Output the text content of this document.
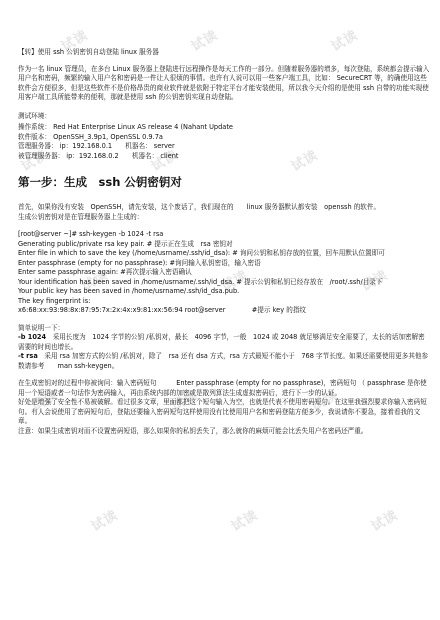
试读	试读	试读
试读	试读	试读
试读	试读	试读
试读	试读	试读
试读	试读	试读

【转】使用 ssh 公钥密钥自动登陆 linux 服务器

作为一名 linux 管理员，在多台 Linux 服务器上登陆进行远程操作是每天工作的一部分。但随着服务器的增多，每次登陆，系统都会提示输入用户名和密码，频繁的输入用户名和密码是一件让人很烦的事情。也许有人说可以用一些客户端工具，比如： SecureCRT 等，的确使用这些软件会方便很多，但是这些软件不是价格昂贵的商业软件就是依附于特定平台才能安装使用，所以我今天介绍的是使用 ssh 自带的功能实现使用客户端工具所能带来的便利，那就是使用 ssh 的公钥密钥实现自动登陆。

测试环境：

操作系统： Red Hat Enterprise Linux AS release 4 (Nahant Update

软件版本： OpenSSH_3.9p1, OpenSSL 0.9.7a

管理服务器： ip：192.168.0.1　　机器名： server

被管理服务器： ip：192.168.0.2　　机器名： client

第一步：生成　ssh 公钥密钥对

首先，如果你没有安装　OpenSSH，请先安装，这个废话了，我们现在的　　linux 服务器默认都安装　openssh 的软件。

生成公钥密钥对是在管理服务器上生成的：

[root@server ~]# ssh-keygen -b 1024 -t rsa

Generating public/private rsa key pair. # 提示正在生成　rsa 密钥对

Enter file in which to save the key (/home/usrname/.ssh/id_dsa): # 询问公钥和私钥存放的位置，回车用默认位置即可

Enter passphrase (empty for no passphrase): #询问输入私钥密语，输入密语

Enter same passphrase again: #再次提示输入密语确认

Your identification has been saved in /home/usrname/.ssh/id_dsa. # 提示公钥和私钥已经存放在　/root/.ssh/目录下

Your public key has been saved in /home/usrname/.ssh/id_dsa.pub.

The key fingerprint is:

x6:68:xx:93:98:8x:87:95:7x:2x:4x:x9:81:xx:56:94 root@server　　　　#提示 key 的指纹

简单说明一下：

-b 1024　采用长度为　1024 字节的公钥 /私钥对，最长　4096 字节，一般　1024 或 2048 就足够满足安全需要了，太长的话加密解密需要的时间也增长。

-t rsa　采用 rsa 加密方式的公钥 /私钥对，除了　rsa 还有 dsa 方式，rsa 方式最短不能小于　768 字节长度。如果还需要使用更多其他参数请参考　　man ssh-keygen。

在生成密钥对的过程中你被询问：输入密码短句　　　Enter passphrase (empty for no passphrase)，密码短句 （ passphrase 是你使用一个短语或者一句话作为密码输入，再由系统内部的加密或是散列算法生成虚拟密码后，进行下一步的认证。

好处是增强了安全性不易被破解。看过很多文章，里面都把这个短句输入为空，也就是代表不使用密码短句。在这里我强烈要求你输入密码短句。有人会说使用了密码短句后，登陆还要输入密码短句这样使用没有比使用用户名和密码登陆方便多少，我说请你不要急，接着看我的文章。

注意：如果生成密钥对而不设置密码短语，那么如果你的私钥丢失了，那么就你的麻烦可能会比丢失用户名密码还严重。
